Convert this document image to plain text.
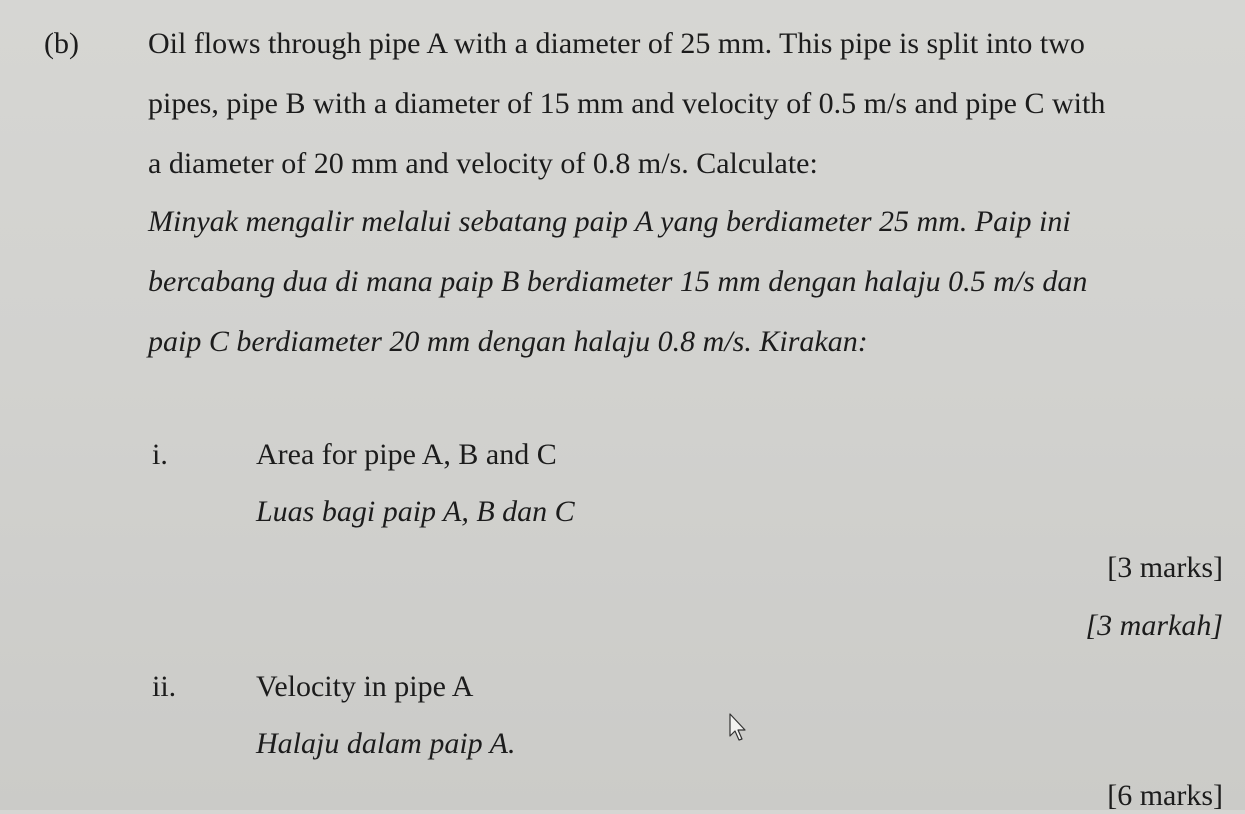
(b) Oil flows through pipe A with a diameter of 25 mm. This pipe is split into two
pipes, pipe B with a diameter of 15 mm and velocity of 0.5 m/s and pipe C with
a diameter of 20 mm and velocity of 0.8 m/s. Calculate:
Minyak mengalir melalui sebatang paip A yang berdiameter 25 mm. Paip ini
bercabang dua di mana paip B berdiameter 15 mm dengan halaju 0.5 m/s dan
paip C berdiameter 20 mm dengan halaju 0.8 m/s. Kirakan:
i.	Area for pipe A, B and C
Luas bagi paip A, B dan C
[3 marks]
[3 markah]
ii.	Velocity in pipe A
Halaju dalam paip A.
[6 marks]
